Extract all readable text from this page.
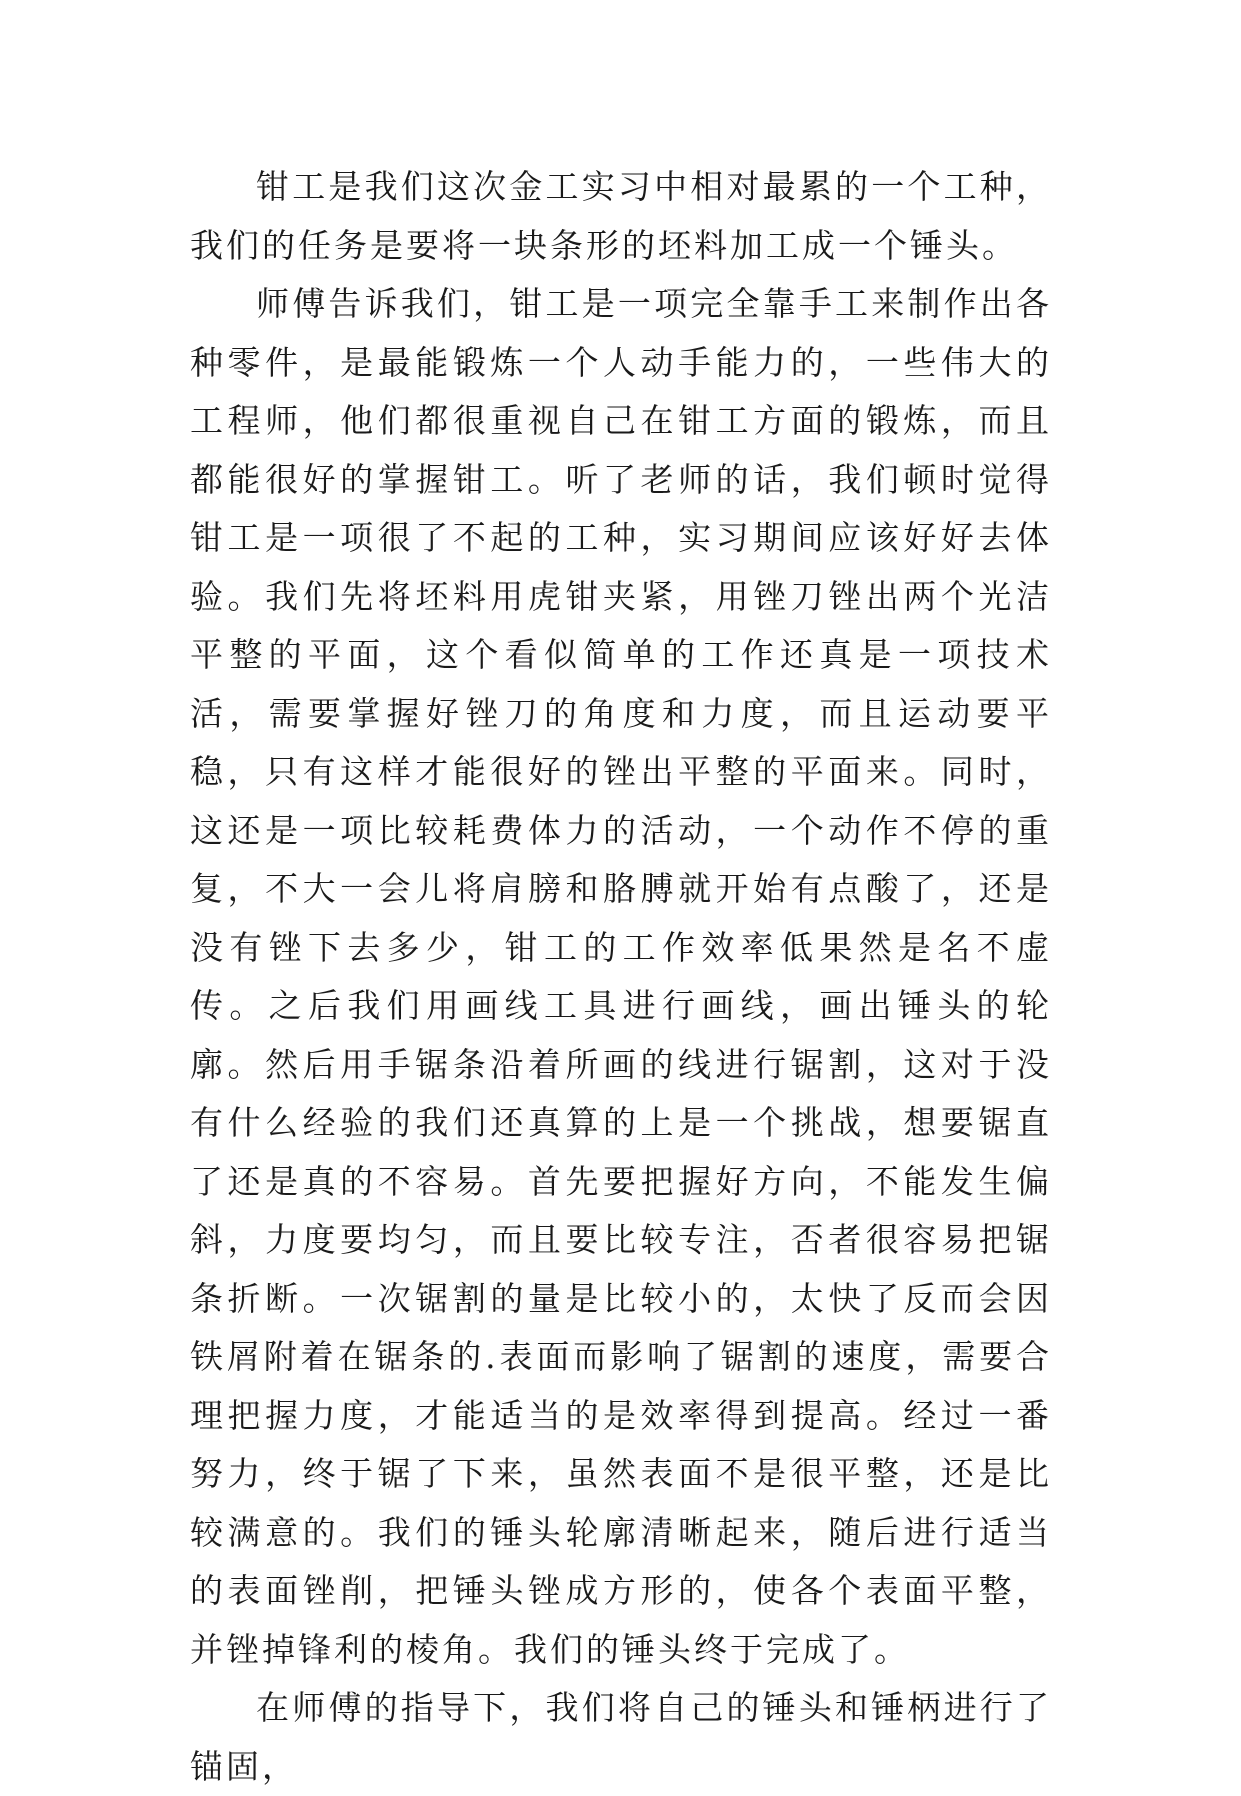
钳工是我们这次金工实习中相对最累的一个工种，我们的任务是要将一块条形的坯料加工成一个锤头。

师傅告诉我们，钳工是一项完全靠手工来制作出各种零件，是最能锻炼一个人动手能力的，一些伟大的工程师，他们都很重视自己在钳工方面的锻炼，而且都能很好的掌握钳工。听了老师的话，我们顿时觉得钳工是一项很了不起的工种，实习期间应该好好去体验。我们先将坯料用虎钳夹紧，用锉刀锉出两个光洁平整的平面，这个看似简单的工作还真是一项技术活，需要掌握好锉刀的角度和力度，而且运动要平稳，只有这样才能很好的锉出平整的平面来。同时，这还是一项比较耗费体力的活动，一个动作不停的重复，不大一会儿将肩膀和胳膊就开始有点酸了，还是没有锉下去多少，钳工的工作效率低果然是名不虚传。之后我们用画线工具进行画线，画出锤头的轮廓。然后用手锯条沿着所画的线进行锯割，这对于没有什么经验的我们还真算的上是一个挑战，想要锯直了还是真的不容易。首先要把握好方向，不能发生偏斜，力度要均匀，而且要比较专注，否者很容易把锯条折断。一次锯割的量是比较小的，太快了反而会因铁屑附着在锯条的.表面而影响了锯割的速度，需要合理把握力度，才能适当的是效率得到提高。经过一番努力，终于锯了下来，虽然表面不是很平整，还是比较满意的。我们的锤头轮廓清晰起来，随后进行适当的表面锉削，把锤头锉成方形的，使各个表面平整，并锉掉锋利的棱角。我们的锤头终于完成了。

在师傅的指导下，我们将自己的锤头和锤柄进行了锚固，
